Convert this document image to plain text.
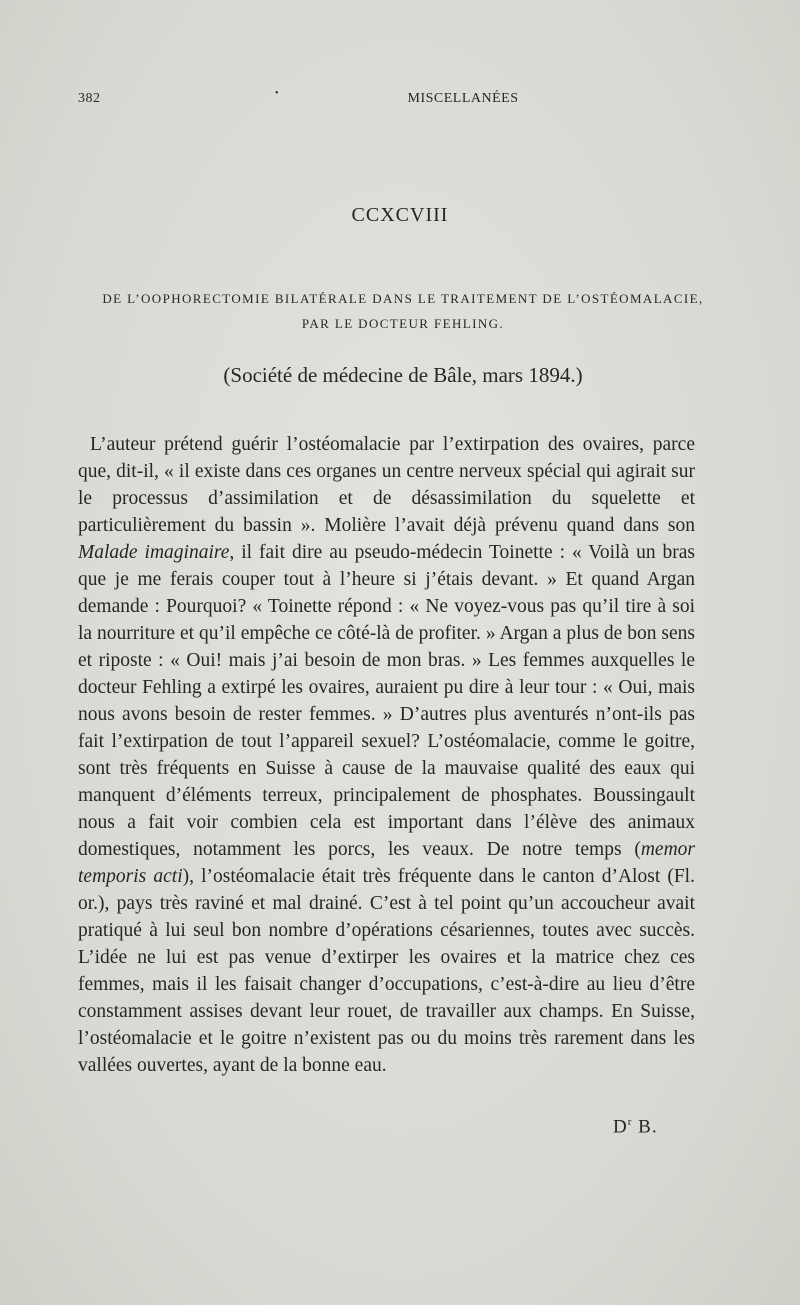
382	•	MISCELLANÉES
CCXCVIII
DE L’OOPHORECTOMIE BILATÉRALE DANS LE TRAITEMENT DE L’OSTÉOMALACIE,
PAR LE DOCTEUR FEHLING.
(Société de médecine de Bâle, mars 1894.)

L’auteur prétend guérir l’ostéomalacie par l’extirpation des ovaires, parce que, dit-il, « il existe dans ces organes un centre nerveux spécial qui agirait sur le processus d’assimilation et de désassimilation du squelette et particulièrement du bassin ». Molière l’avait déjà prévenu quand dans son Malade imaginaire, il fait dire au pseudo-médecin Toinette : « Voilà un bras que je me ferais couper tout à l’heure si j’étais devant. » Et quand Argan demande : Pourquoi? « Toinette répond : « Ne voyez-vous pas qu’il tire à soi la nourriture et qu’il empêche ce côté-là de profiter. » Argan a plus de bon sens et riposte : « Oui! mais j’ai besoin de mon bras. » Les femmes auxquelles le docteur Fehling a extirpé les ovaires, auraient pu dire à leur tour : « Oui, mais nous avons besoin de rester femmes. » D’autres plus aventurés n’ont-ils pas fait l’extirpation de tout l’appareil sexuel? L’ostéomalacie, comme le goitre, sont très fréquents en Suisse à cause de la mauvaise qualité des eaux qui manquent d’éléments terreux, principalement de phosphates. Boussingault nous a fait voir combien cela est important dans l’élève des animaux domestiques, notamment les porcs, les veaux. De notre temps (memor temporis acti), l’ostéomalacie était très fréquente dans le canton d’Alost (Fl. or.), pays très raviné et mal drainé. C’est à tel point qu’un accoucheur avait pratiqué à lui seul bon nombre d’opérations césariennes, toutes avec succès. L’idée ne lui est pas venue d’extirper les ovaires et la matrice chez ces femmes, mais il les faisait changer d’occupations, c’est-à-dire au lieu d’être constamment assises devant leur rouet, de travailler aux champs. En Suisse, l’ostéomalacie et le goitre n’existent pas ou du moins très rarement dans les vallées ouvertes, ayant de la bonne eau.

$D^r$ B.
